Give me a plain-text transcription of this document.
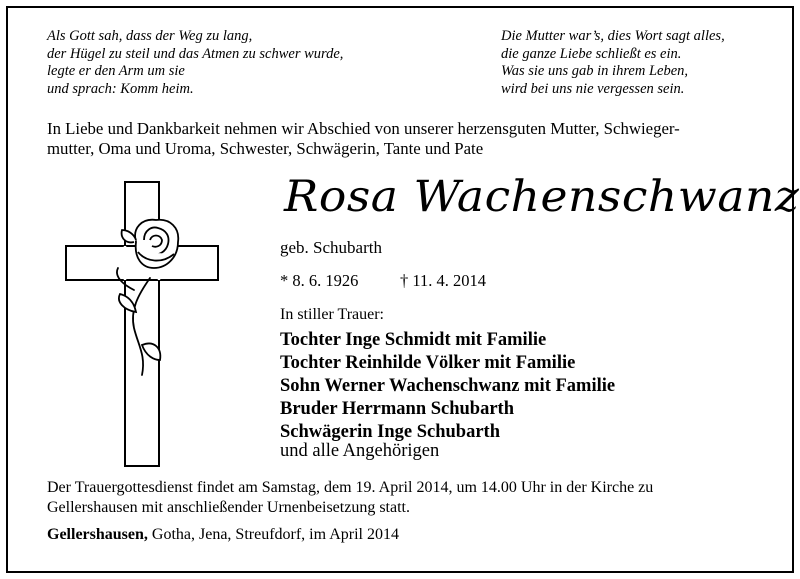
Als Gott sah, dass der Weg zu lang,
der Hügel zu steil und das Atmen zu schwer wurde,
legte er den Arm um sie
und sprach: Komm heim.
Die Mutter war’s, dies Wort sagt alles,
die ganze Liebe schließt es ein.
Was sie uns gab in ihrem Leben,
wird bei uns nie vergessen sein.
In Liebe und Dankbarkeit nehmen wir Abschied von unserer herzensguten Mutter, Schwieger-
mutter, Oma und Uroma, Schwester, Schwägerin, Tante und Pate
Rosa Wachenschwanz
geb. Schubarth
* 8. 6. 1926	† 11. 4. 2014
In stiller Trauer:
Tochter Inge Schmidt mit Familie
Tochter Reinhilde Völker mit Familie
Sohn Werner Wachenschwanz mit Familie
Bruder Herrmann Schubarth
Schwägerin Inge Schubarth
und alle Angehörigen
Der Trauergottesdienst findet am Samstag, dem 19. April 2014, um 14.00 Uhr in der Kirche zu
Gellershausen mit anschließender Urnenbeisetzung statt.
Gellershausen, Gotha, Jena, Streufdorf, im April 2014
